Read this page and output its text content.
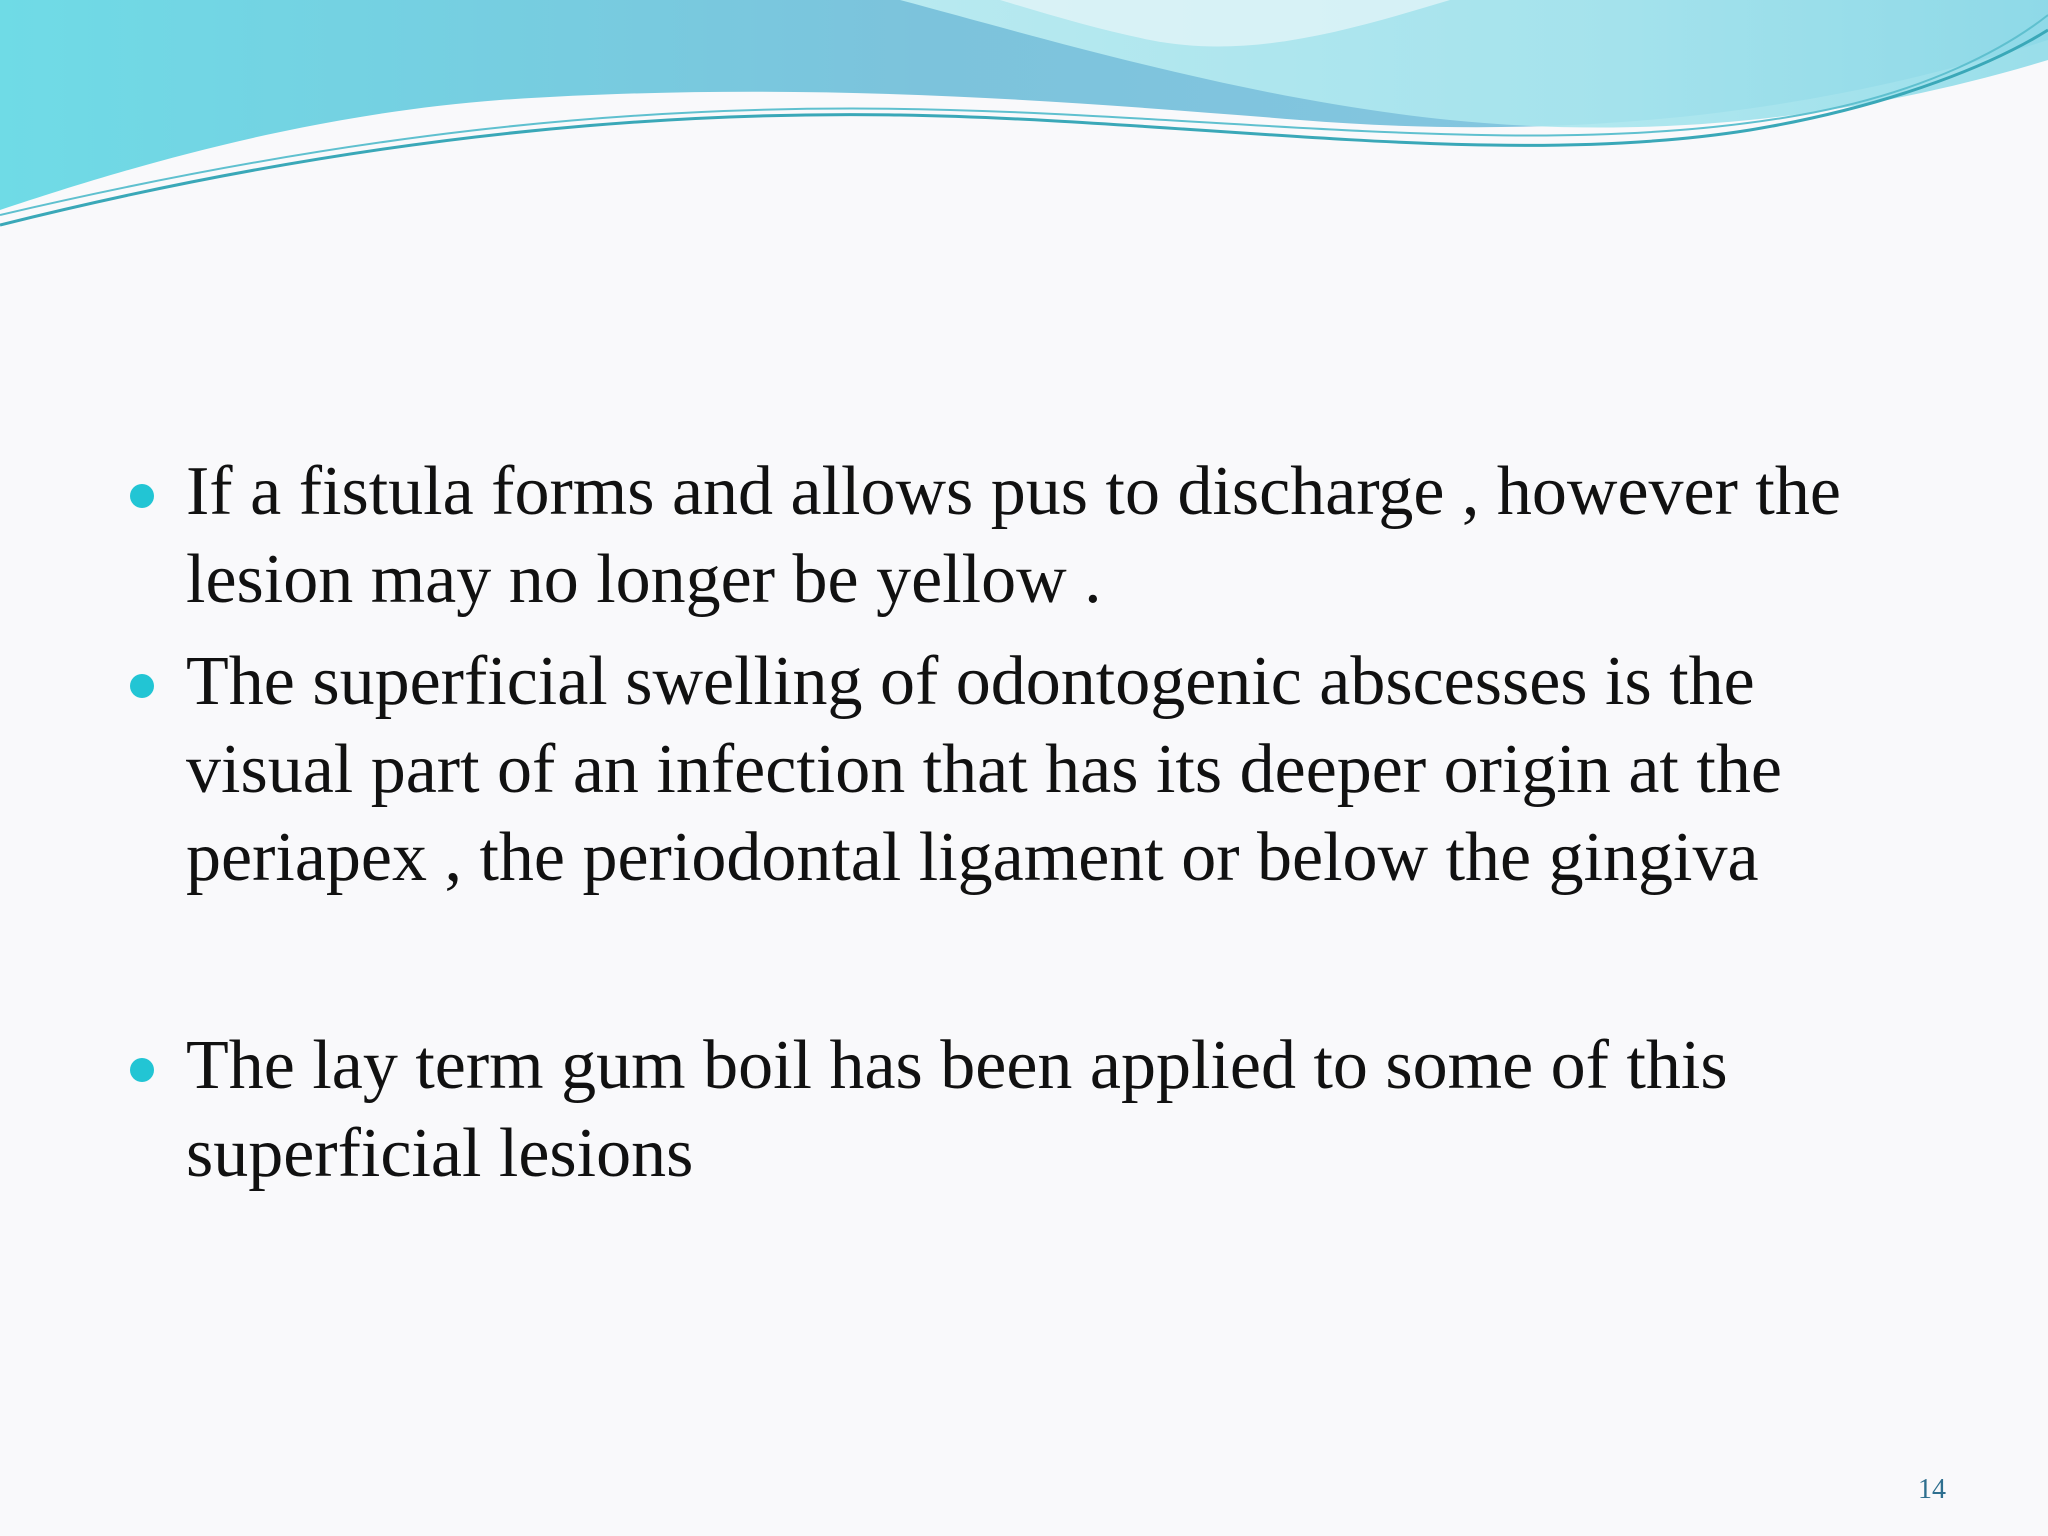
If a fistula forms and allows pus to discharge , however the lesion may no longer be yellow .
The superficial swelling of odontogenic abscesses is the visual part of an infection that has its deeper origin at the periapex , the periodontal ligament or below the gingiva
The lay term gum boil has been applied to some of this superficial lesions
14
